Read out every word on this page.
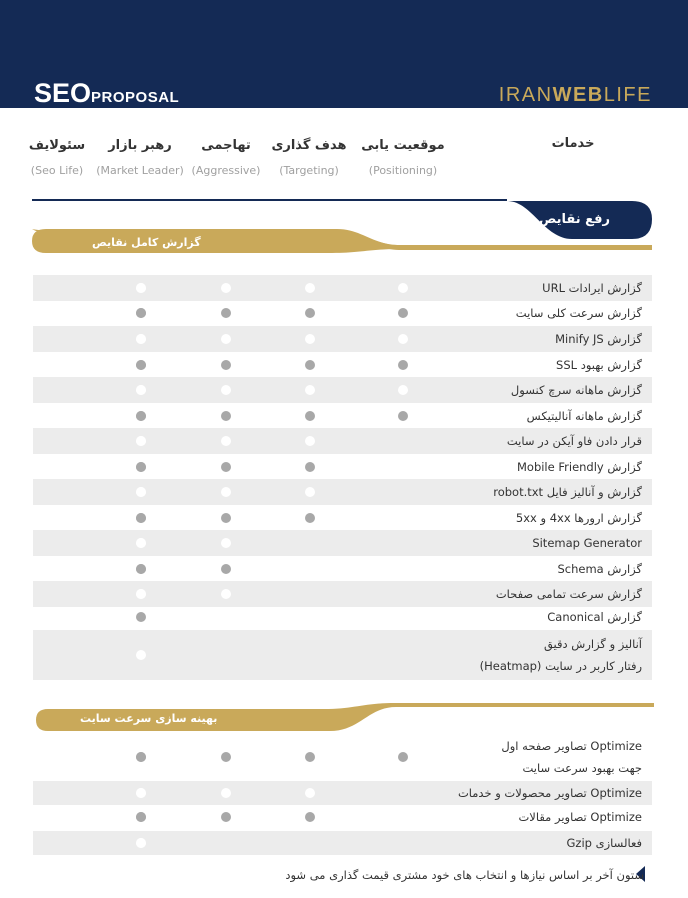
SEOPROPOSAL	IRANWEBLIFE
خدمات
موقعیت یابی
(Positioning)
هدف گذاری
(Targeting)
تهاجمی
(Aggressive)
رهبر بازار
(Market Leader)
سئولایف
(Seo Life)
رفع نقایص فنی
گزارش کامل نقایص
بهینه سازی سرعت سایت
گزارش ایرادات URL
گزارش سرعت کلی سایت
گزارش Minify JS
گزارش بهبود SSL
گزارش ماهانه سرچ کنسول
گزارش ماهانه آنالیتیکس
قرار دادن فاو آیکن در سایت
گزارش Mobile Friendly
گزارش و آنالیز فایل robot.txt
گزارش ارورها 4xx و 5xx
Sitemap Generator
گزارش Schema
گزارش سرعت تمامی صفحات
گزارش Canonical
آنالیز و گزارش دقیق
رفتار کاربر در سایت (Heatmap)
Optimize تصاویر صفحه اول
جهت بهبود سرعت سایت
Optimize تصاویر محصولات و خدمات
Optimize تصاویر مقالات
فعالسازی Gzip
ستون آخر بر اساس نیازها و انتخاب های خود مشتری قیمت گذاری می شود
